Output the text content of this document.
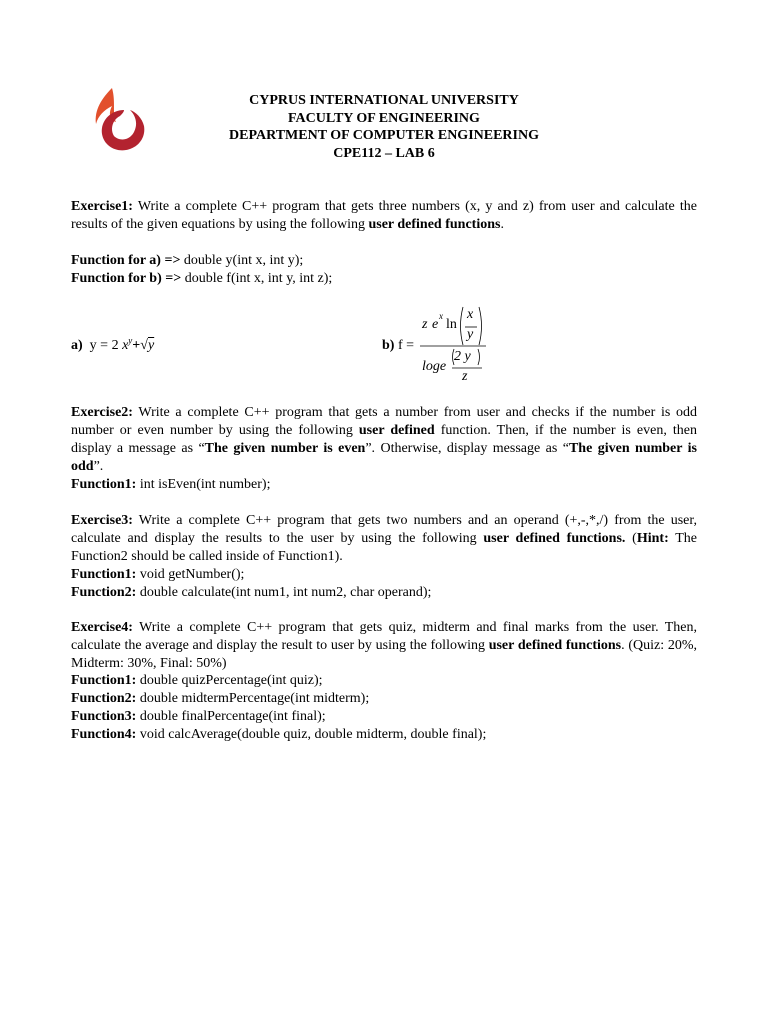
CYPRUS INTERNATIONAL UNIVERSITY
FACULTY OF ENGINEERING
DEPARTMENT OF COMPUTER ENGINEERING
CPE112 – LAB 6
Exercise1: Write a complete C++ program that gets three numbers (x, y and z) from user and calculate the results of the given equations by using the following user defined functions.
Function for a) => double y(int x, int y);
Function for b) => double f(int x, int y, int z);
a) y = 2 $x^y+√y$	b) f =
z e
x
ln
x
y
loge
2 y
z
Exercise2: Write a complete C++ program that gets a number from user and checks if the number is odd number or even number by using the following user defined function. Then, if the number is even, then display a message as “The given number is even”. Otherwise, display message as “The given number is odd”.
Function1: int isEven(int number);
Exercise3: Write a complete C++ program that gets two numbers and an operand (+,-,*,/) from the user, calculate and display the results to the user by using the following user defined functions. (Hint: The Function2 should be called inside of Function1).
Function1: void getNumber();
Function2: double calculate(int num1, int num2, char operand);
Exercise4: Write a complete C++ program that gets quiz, midterm and final marks from the user. Then, calculate the average and display the result to user by using the following user defined functions. (Quiz: 20%, Midterm: 30%, Final: 50%)
Function1: double quizPercentage(int quiz);
Function2: double midtermPercentage(int midterm);
Function3: double finalPercentage(int final);
Function4: void calcAverage(double quiz, double midterm, double final);
